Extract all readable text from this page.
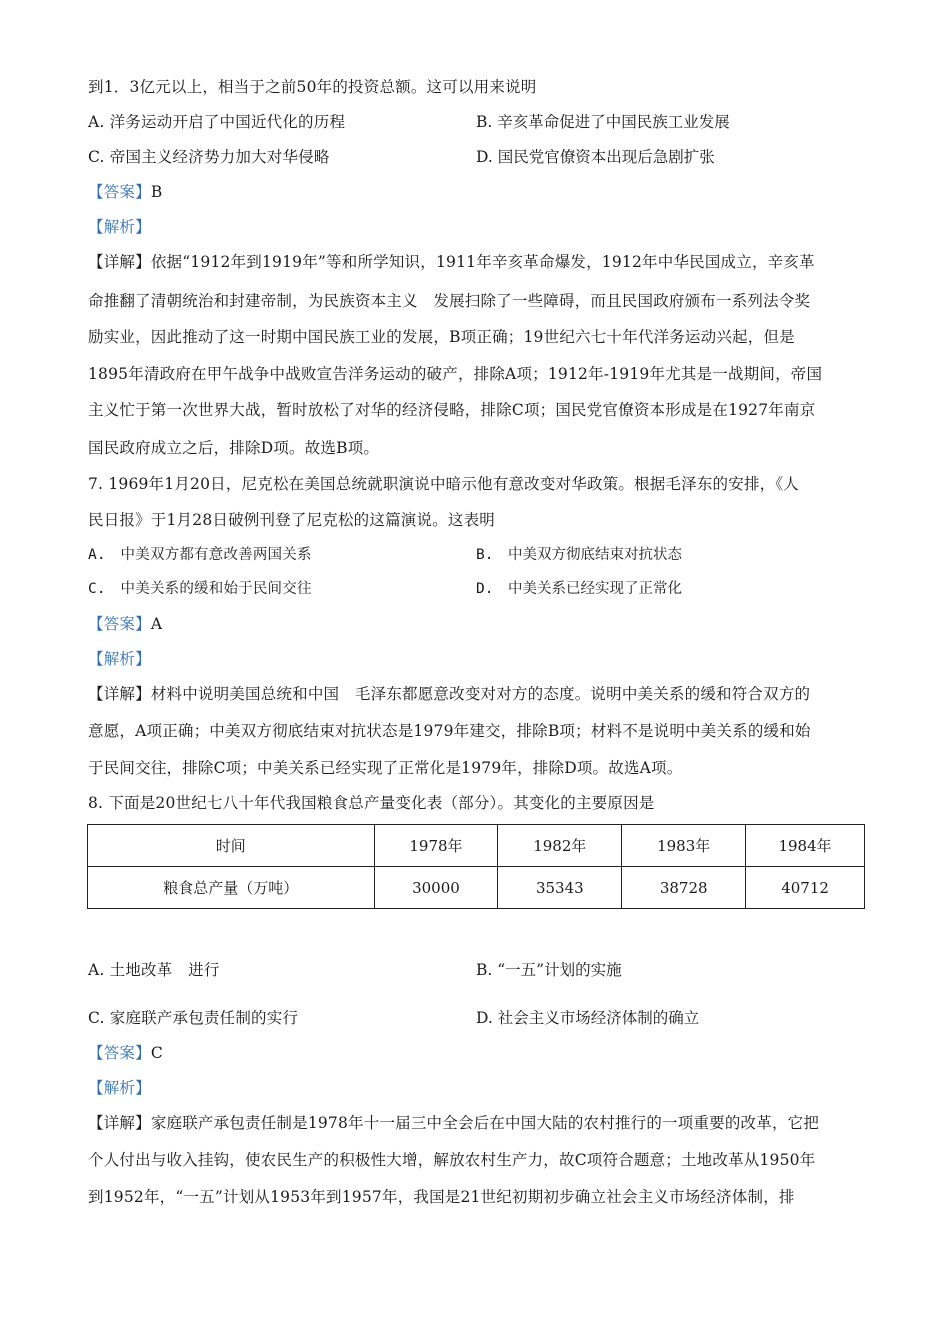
到1．3亿元以上，相当于之前50年的投资总额。这可以用来说明
A. 洋务运动开启了中国近代化的历程	B. 辛亥革命促进了中国民族工业发展
C. 帝国主义经济势力加大对华侵略	D. 国民党官僚资本出现后急剧扩张
【答案】B
【解析】
【详解】依据“1912年到1919年”等和所学知识，1911年辛亥革命爆发，1912年中华民国成立，辛亥革
命推翻了清朝统治和封建帝制，为民族资本主义　发展扫除了一些障碍，而且民国政府颁布一系列法令奖
励实业，因此推动了这一时期中国民族工业的发展，B项正确；19世纪六七十年代洋务运动兴起，但是
1895年清政府在甲午战争中战败宣告洋务运动的破产，排除A项；1912年-1919年尤其是一战期间，帝国
主义忙于第一次世界大战，暂时放松了对华的经济侵略，排除C项；国民党官僚资本形成是在1927年南京
国民政府成立之后，排除D项。故选B项。
7. 1969年1月20日，尼克松在美国总统就职演说中暗示他有意改变对华政策。根据毛泽东的安排，《人
民日报》于1月28日破例刊登了尼克松的这篇演说。这表明
A.　中美双方都有意改善两国关系	B.　中美双方彻底结束对抗状态
C.　中美关系的缓和始于民间交往	D.　中美关系已经实现了正常化
【答案】A
【解析】
【详解】材料中说明美国总统和中国　毛泽东都愿意改变对对方的态度。说明中美关系的缓和符合双方的
意愿，A项正确；中美双方彻底结束对抗状态是1979年建交，排除B项；材料不是说明中美关系的缓和始
于民间交往，排除C项；中美关系已经实现了正常化是1979年，排除D项。故选A项。
8. 下面是20世纪七八十年代我国粮食总产量变化表（部分）。其变化的主要原因是
时间	1978年	1982年	1983年	1984年
粮食总产量（万吨）	30000	35343	38728	40712
A. 土地改革　进行	B. “一五”计划的实施
C. 家庭联产承包责任制的实行	D. 社会主义市场经济体制的确立
【答案】C
【解析】
【详解】家庭联产承包责任制是1978年十一届三中全会后在中国大陆的农村推行的一项重要的改革，它把
个人付出与收入挂钩，使农民生产的积极性大增，解放农村生产力，故C项符合题意；土地改革从1950年
到1952年，“一五”计划从1953年到1957年，我国是21世纪初期初步确立社会主义市场经济体制，排
